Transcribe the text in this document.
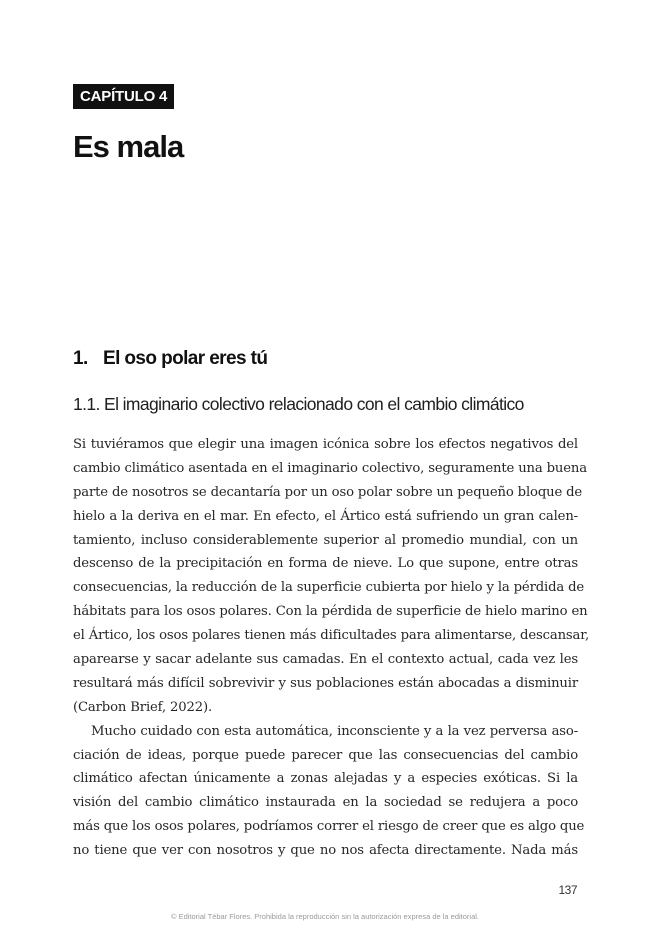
CAPÍTULO 4
Es mala
1. El oso polar eres tú
1.1. El imaginario colectivo relacionado con el cambio climático
Si tuviéramos que elegir una imagen icónica sobre los efectos negativos del
cambio climático asentada en el imaginario colectivo, seguramente una buena
parte de nosotros se decantaría por un oso polar sobre un pequeño bloque de
hielo a la deriva en el mar. En efecto, el Ártico está sufriendo un gran calen-
tamiento, incluso considerablemente superior al promedio mundial, con un
descenso de la precipitación en forma de nieve. Lo que supone, entre otras
consecuencias, la reducción de la superficie cubierta por hielo y la pérdida de
hábitats para los osos polares. Con la pérdida de superficie de hielo marino en
el Ártico, los osos polares tienen más dificultades para alimentarse, descansar,
aparearse y sacar adelante sus camadas. En el contexto actual, cada vez les
resultará más difícil sobrevivir y sus poblaciones están abocadas a disminuir
(Carbon Brief, 2022).
Mucho cuidado con esta automática, inconsciente y a la vez perversa aso-
ciación de ideas, porque puede parecer que las consecuencias del cambio
climático afectan únicamente a zonas alejadas y a especies exóticas. Si la
visión del cambio climático instaurada en la sociedad se redujera a poco
más que los osos polares, podríamos correr el riesgo de creer que es algo que
no tiene que ver con nosotros y que no nos afecta directamente. Nada más
137
© Editorial Tébar Flores. Prohibida la reproducción sin la autorización expresa de la editorial.
